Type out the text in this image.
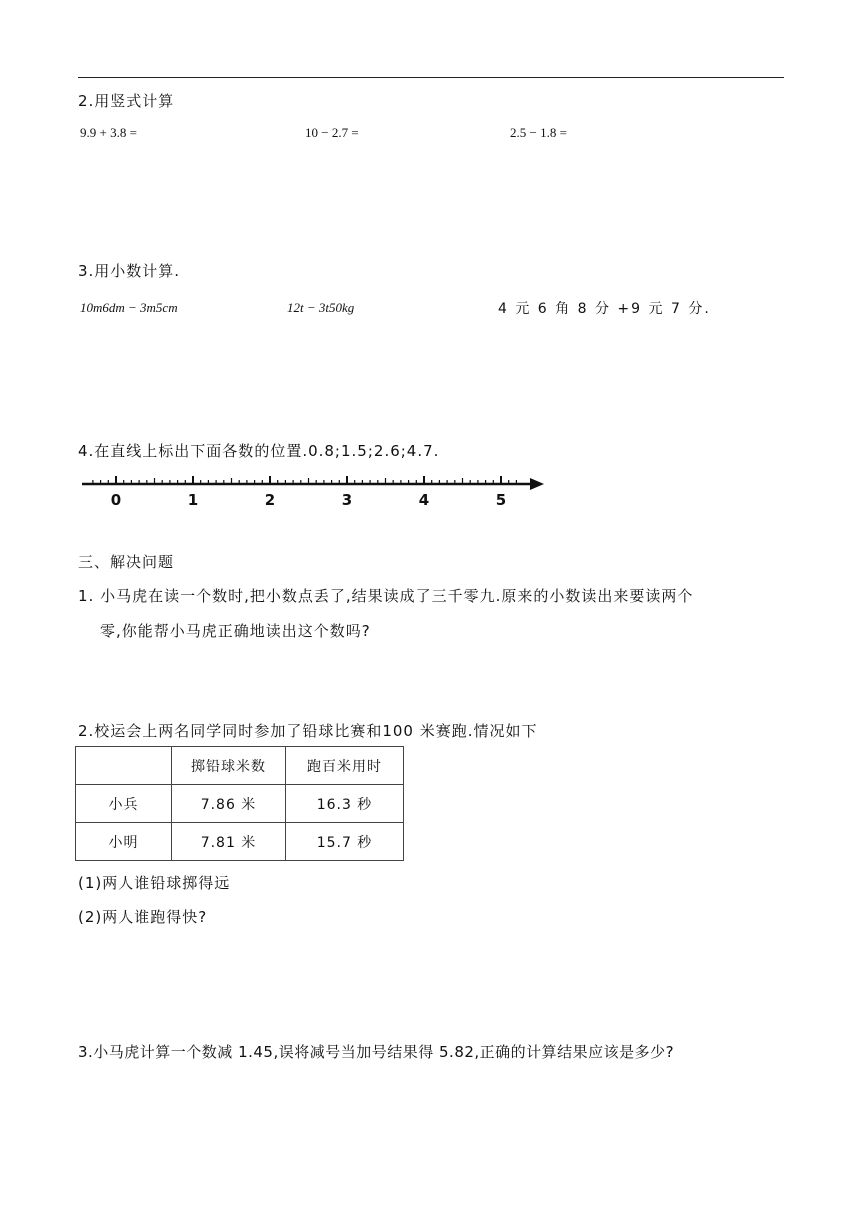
2.用竖式计算
9.9 + 3.8 =	10 − 2.7 =	2.5 − 1.8 =
3.用小数计算.
10m6dm − 3m5cm	12t − 3t50kg	4 元 6 角 8 分 +9 元 7 分.
4.在直线上标出下面各数的位置.0.8;1.5;2.6;4.7.
0	1	2	3	4	5
三、解决问题
1. 小马虎在读一个数时,把小数点丢了,结果读成了三千零九.原来的小数读出来要读两个
零,你能帮小马虎正确地读出这个数吗?
2.校运会上两名同学同时参加了铅球比赛和100 米赛跑.情况如下
	掷铅球米数	跑百米用时
小兵	7.86 米	16.3 秒
小明	7.81 米	15.7 秒
(1)两人谁铅球掷得远
(2)两人谁跑得快?
3.小马虎计算一个数减 1.45,误将减号当加号结果得 5.82,正确的计算结果应该是多少?
